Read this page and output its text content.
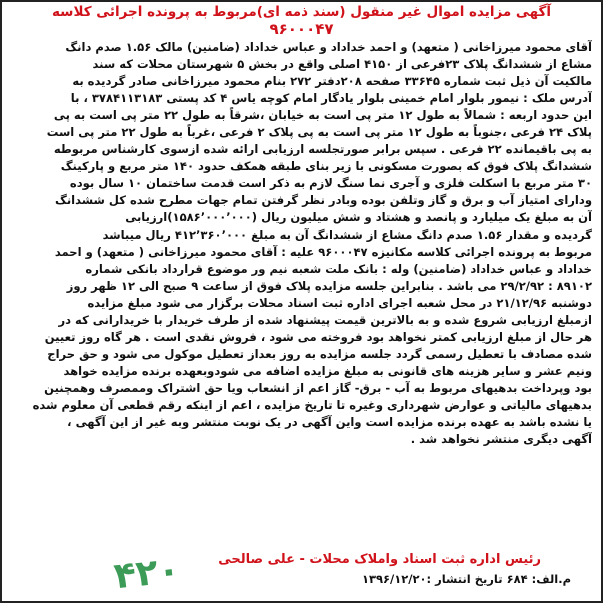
آگهی مزایده اموال غیر منقول (سند ذمه ای)مربوط به پرونده اجرائی کلاسه
۹۶۰۰۰۴۷
آقای محمود میرزاخانی ( متعهد) و احمد خداداد و عباس خداداد (ضامنین) مالک ۱.۵۶ صدم دانگ
مشاع از ششدانگ پلاک ۲۳فرعی از ۴۱۵۰ اصلی واقع در بخش ۵ شهرستان محلات که سند
مالکیت آن ذیل ثبت شماره ۳۳۶۴۵ صفحه ۲۰۸دفتر ۲۷۲ بنام محمود میرزاخانی صادر گردیده به
آدرس ملک : نیمور بلوار امام خمینی بلوار یادگار امام کوچه یاس ۴ کد پستی ۳۷۸۴۱۱۳۱۸۳ ، با
این حدود اربعه : شمالاً به طول ۱۲ متر پی است به خیابان ،شرقاً به طول ۲۲ متر پی است به پی
پلاک ۲۴ فرعی ،جنوباً به طول ۱۲ متر پی است به پی پلاک ۲ فرعی ،غرباً به طول ۲۲ متر پی است
به پی باقیمانده ۲۲ فرعی . سپس برابر صورتجلسه ارزیابی ارائه شده ازسوی کارشناس مربوطه
ششدانگ پلاک فوق که بصورت مسکونی با زیر بنای طبقه همکف حدود ۱۴۰ متر مربع و پارکینگ
۳۰ متر مربع با اسکلت فلزی و آجری نما سنگ لازم به ذکر است قدمت ساختمان ۱۰ سال بوده
ودارای امتیاز آب و برق و گاز وتلفن بوده وبادر نظر گرفتن تمام جهات مطرح شده کل ششدانگ
آن به مبلغ یک میلیارد و پانصد و هشتاد و شش میلیون ریال (۱۵۸۶٬۰۰۰٬۰۰۰)ارزیابی
گردیده و مقدار ۱.۵۶ صدم دانگ مشاع از ششدانگ آن به مبلغ ۴۱۲٬۳۶۰٬۰۰۰ ریال میباشد
مربوط به پرونده اجرائی کلاسه مکانیزه ۹۶۰۰۰۴۷ علیه : آقای محمود میرزاخانی ( متعهد) و احمد
خداداد و عباس خداداد (ضامنین) وله : بانک ملت شعبه نیم ور موضوع قرارداد بانکی شماره
۸۹۱۰۲ : ۲۹/۲/۹۲ می باشد . بنابراین جلسه مزایده پلاک فوق از ساعت ۹ صبح الی ۱۲ ظهر روز
دوشنبه ۲۱/۱۲/۹۶ در محل شعبه اجرای اداره ثبت اسناد محلات برگزار می شود مبلغ مزایده
ازمبلغ ارزیابی شروع شده و به بالاترین قیمت پیشنهاد شده از طرف خریدار با خریدارانی که در
هر حال از مبلغ ارزیابی کمتر نخواهد بود فروخته می شود ، فروش نقدی است . هر گاه روز تعیین
شده مصادف با تعطیل رسمی گردد جلسه مزایده به روز بعداز تعطیل موکول می شود و حق حراج
ونیم عشر و سایر هزینه های قانونی به مبلغ مزایده اضافه می شودوبعهده برنده مزایده خواهد
بود وپرداخت بدهیهای مربوط به آب - برق- گاز اعم از انشعاب ویا حق اشتراک وممصرف وهمچنین
بدهیهای مالیاتی و عوارض شهرداری وغیره تا تاریخ مزایده ، اعم از اینکه رقم قطعی آن معلوم شده
یا نشده باشد به عهده برنده مزایده است واین آگهی در یک نوبت منتشر وبه غیر از این آگهی ،
آگهی دیگری منتشر نخواهد شد .
رئیس اداره ثبت اسناد واملاک محلات - علی صالحی
۴۲۰	م.الف: ۶۸۴ تاریخ انتشار :۱۳۹۶/۱۲/۲۰
